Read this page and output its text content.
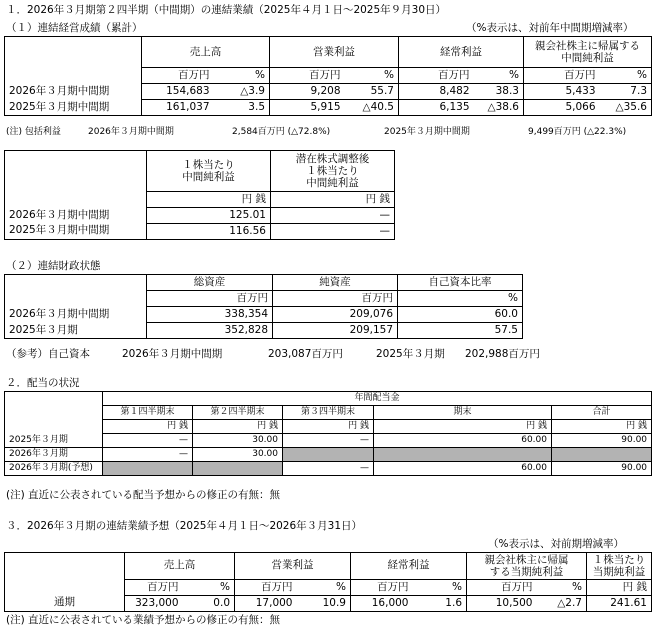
１．2026年３月期第２四半期（中間期）の連結業績（2025年４月１日～2025年９月30日）
（１）連結経営成績（累計）	（%表示は、対前年中間期増減率）
	売上高		営業利益		経常利益		親会社株主に帰属する
中間純利益	
	百万円	%	百万円	%	百万円	%	百万円	%
2026年３月期中間期	154,683	△3.9	9,208	55.7	8,482	38.3	5,433	7.3
2025年３月期中間期	161,037	3.5	5,915	△40.5	6,135	△38.6	5,066	△35.6
(注) 包括利益	2026年３月期中間期	2,584百万円 (△72.8%)	2025年３月期中間期	9,499百万円 (△22.3%)
	１株当たり
中間純利益	潜在株式調整後
１株当たり
中間純利益
	円 銭	円 銭
2026年３月期中間期	125.01	—
2025年３月期中間期	116.56	—
（２）連結財政状態
	総資産	純資産	自己資本比率
	百万円	百万円	%
2026年３月期中間期	338,354	209,076	60.0
2025年３月期	352,828	209,157	57.5
（参考）自己資本	2026年３月期中間期	203,087百万円	2025年３月期 202,988百万円
２．配当の状況
	年間配当金				
	第１四半期末	第２四半期末	第３四半期末	期末	合計
	円 銭	円 銭	円 銭	円 銭	円 銭
2025年３月期	—	30.00	—	60.00	90.00
2026年３月期	—	30.00			
2026年３月期(予想)			—	60.00	90.00
(注) 直近に公表されている配当予想からの修正の有無：無
３．2026年３月期の連結業績予想（2025年４月１日～2026年３月31日）
（%表示は、対前期増減率）
	売上高		営業利益		経常利益		親会社株主に帰属
する当期純利益		１株当たり
当期純利益
	百万円	%	百万円	%	百万円	%	百万円	%	円 銭
通期	323,000	0.0	17,000	10.9	16,000	1.6	10,500	△2.7	241.61
(注) 直近に公表されている業績予想からの修正の有無：無
